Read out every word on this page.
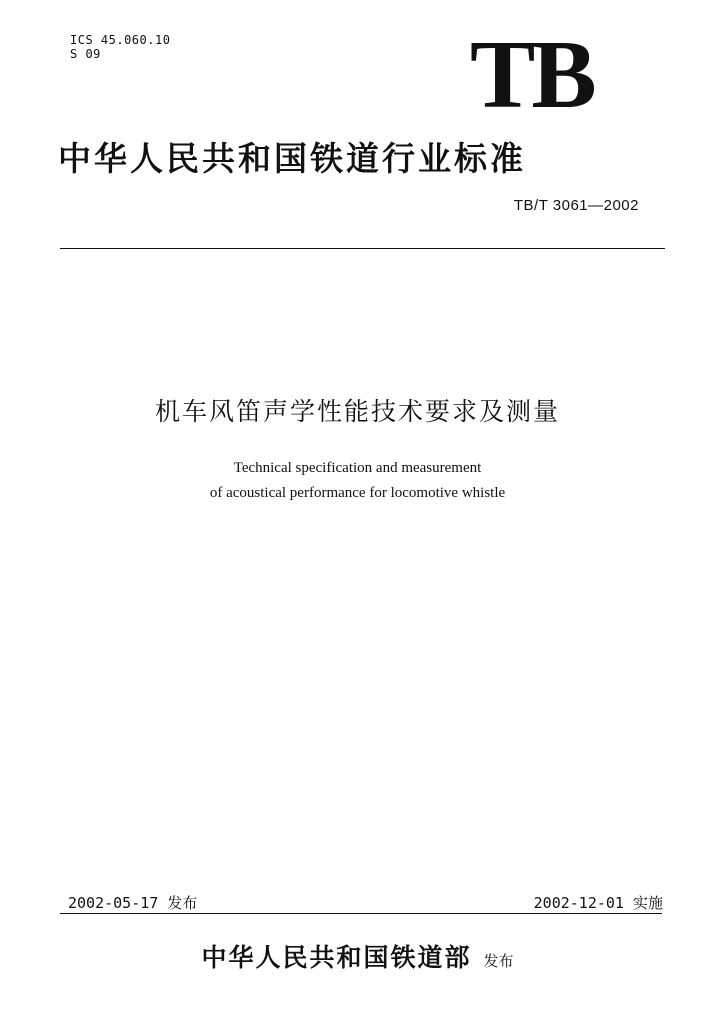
ICS 45.060.10
S 09	TB
中华人民共和国铁道行业标准
TB/T 3061—2002
机车风笛声学性能技术要求及测量
Technical specification and measurement
of acoustical performance for locomotive whistle
2002-05-17 发布	2002-12-01 实施
中华人民共和国铁道部 发布
